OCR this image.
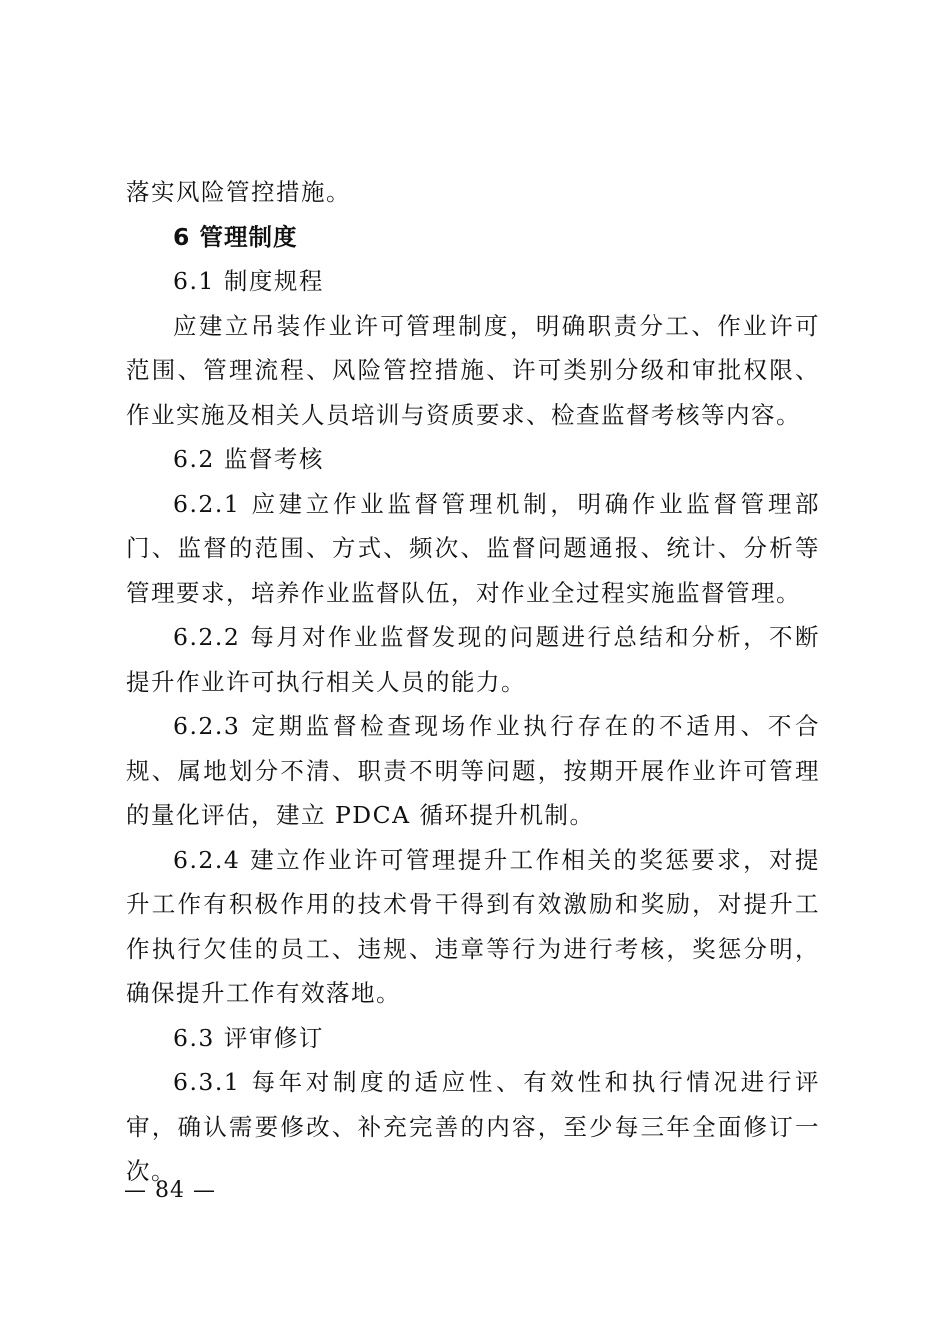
落实风险管控措施。

6 管理制度

6.1 制度规程

应建立吊装作业许可管理制度，明确职责分工、作业许可范围、管理流程、风险管控措施、许可类别分级和审批权限、作业实施及相关人员培训与资质要求、检查监督考核等内容。

6.2 监督考核

6.2.1 应建立作业监督管理机制，明确作业监督管理部门、监督的范围、方式、频次、监督问题通报、统计、分析等管理要求，培养作业监督队伍，对作业全过程实施监督管理。

6.2.2 每月对作业监督发现的问题进行总结和分析，不断提升作业许可执行相关人员的能力。

6.2.3 定期监督检查现场作业执行存在的不适用、不合规、属地划分不清、职责不明等问题，按期开展作业许可管理的量化评估，建立 PDCA 循环提升机制。

6.2.4 建立作业许可管理提升工作相关的奖惩要求，对提升工作有积极作用的技术骨干得到有效激励和奖励，对提升工作执行欠佳的员工、违规、违章等行为进行考核，奖惩分明，确保提升工作有效落地。

6.3 评审修订

6.3.1 每年对制度的适应性、有效性和执行情况进行评审，确认需要修改、补充完善的内容，至少每三年全面修订一次。

— 84 —
